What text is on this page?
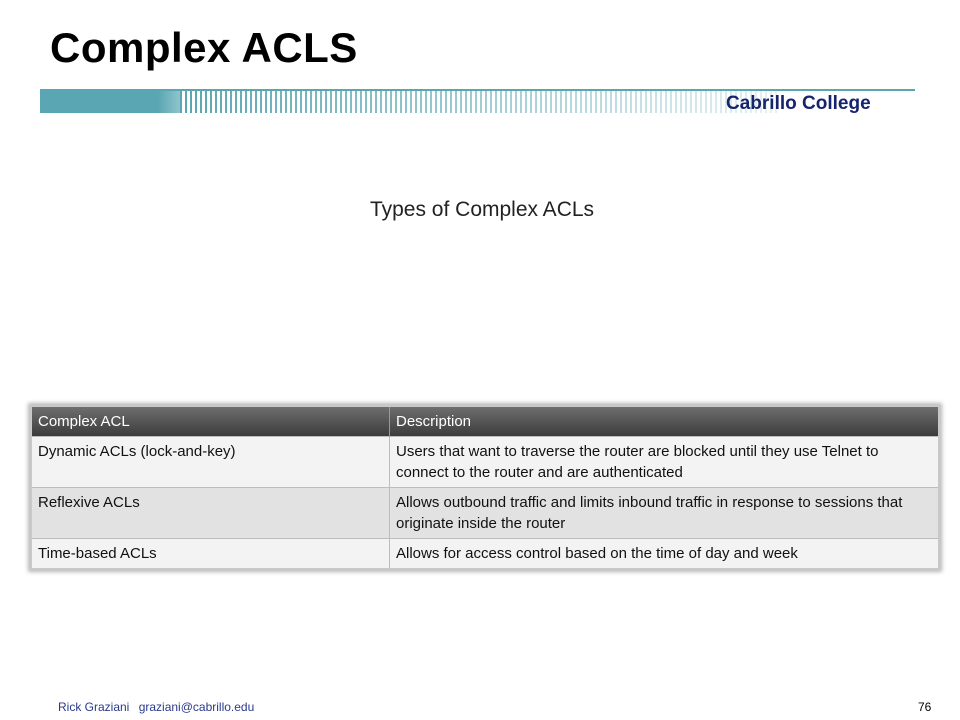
Complex ACLS
Cabrillo College
Types of Complex ACLs
Complex ACL	Description
Dynamic ACLs (lock-and-key)	Users that want to traverse the router are blocked until they use Telnet to connect to the router and are authenticated
Reflexive ACLs	Allows outbound traffic and limits inbound traffic in response to sessions that originate inside the router
Time-based ACLs	Allows for access control based on the time of day and week
Rick Graziani graziani@cabrillo.edu	76
